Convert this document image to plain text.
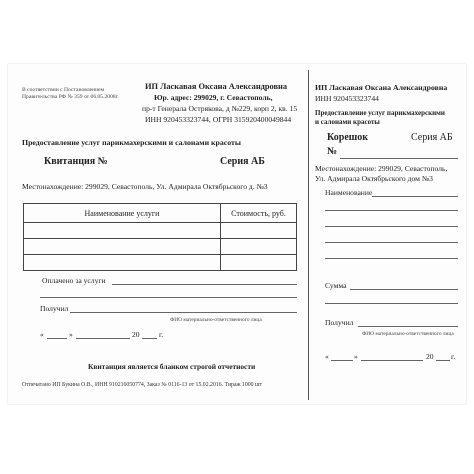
В соответствии с Постановлением
Правительства РФ № 359 от 06.05.2008г.
ИП Ласкавая Оксана Александровна
Юр. адрес: 299029, г. Севастополь,
пр-т Генерала Острякова, д №229, корп 2, кв. 15
ИНН 920453323744, ОГРН 315920400049844
Предоставление услуг парикмахерскими и салонами красоты
Квитанция №	Серия АБ
Местонахождение: 299029, Севастополь, Ул. Адмирала Октябрьского д. №3
Наименование услуги	Стоимость, руб.

Оплачено за услуги
Получил
ФИО материально-ответственного лица
«	»	20	г.
Квитанция является бланком строгой отчетности
Отпечатано ИП Букина О.В., ИНН 910216050774, Заказ № 0116-13 от 15.02.2016. Тираж 1000 шт
ИП Ласкавая Оксана Александровна
ИНН 920453323744
Предоставление услуг парикмахерскими
и салонами красоты
Корешок	Серия АБ
№
Местонахождение: 299029, Севастополь,
Ул. Адмирала Октябрьского дом №3
Наименование
Сумма
Получил
ФИО материально-ответственного лица
«	»	20 г.
